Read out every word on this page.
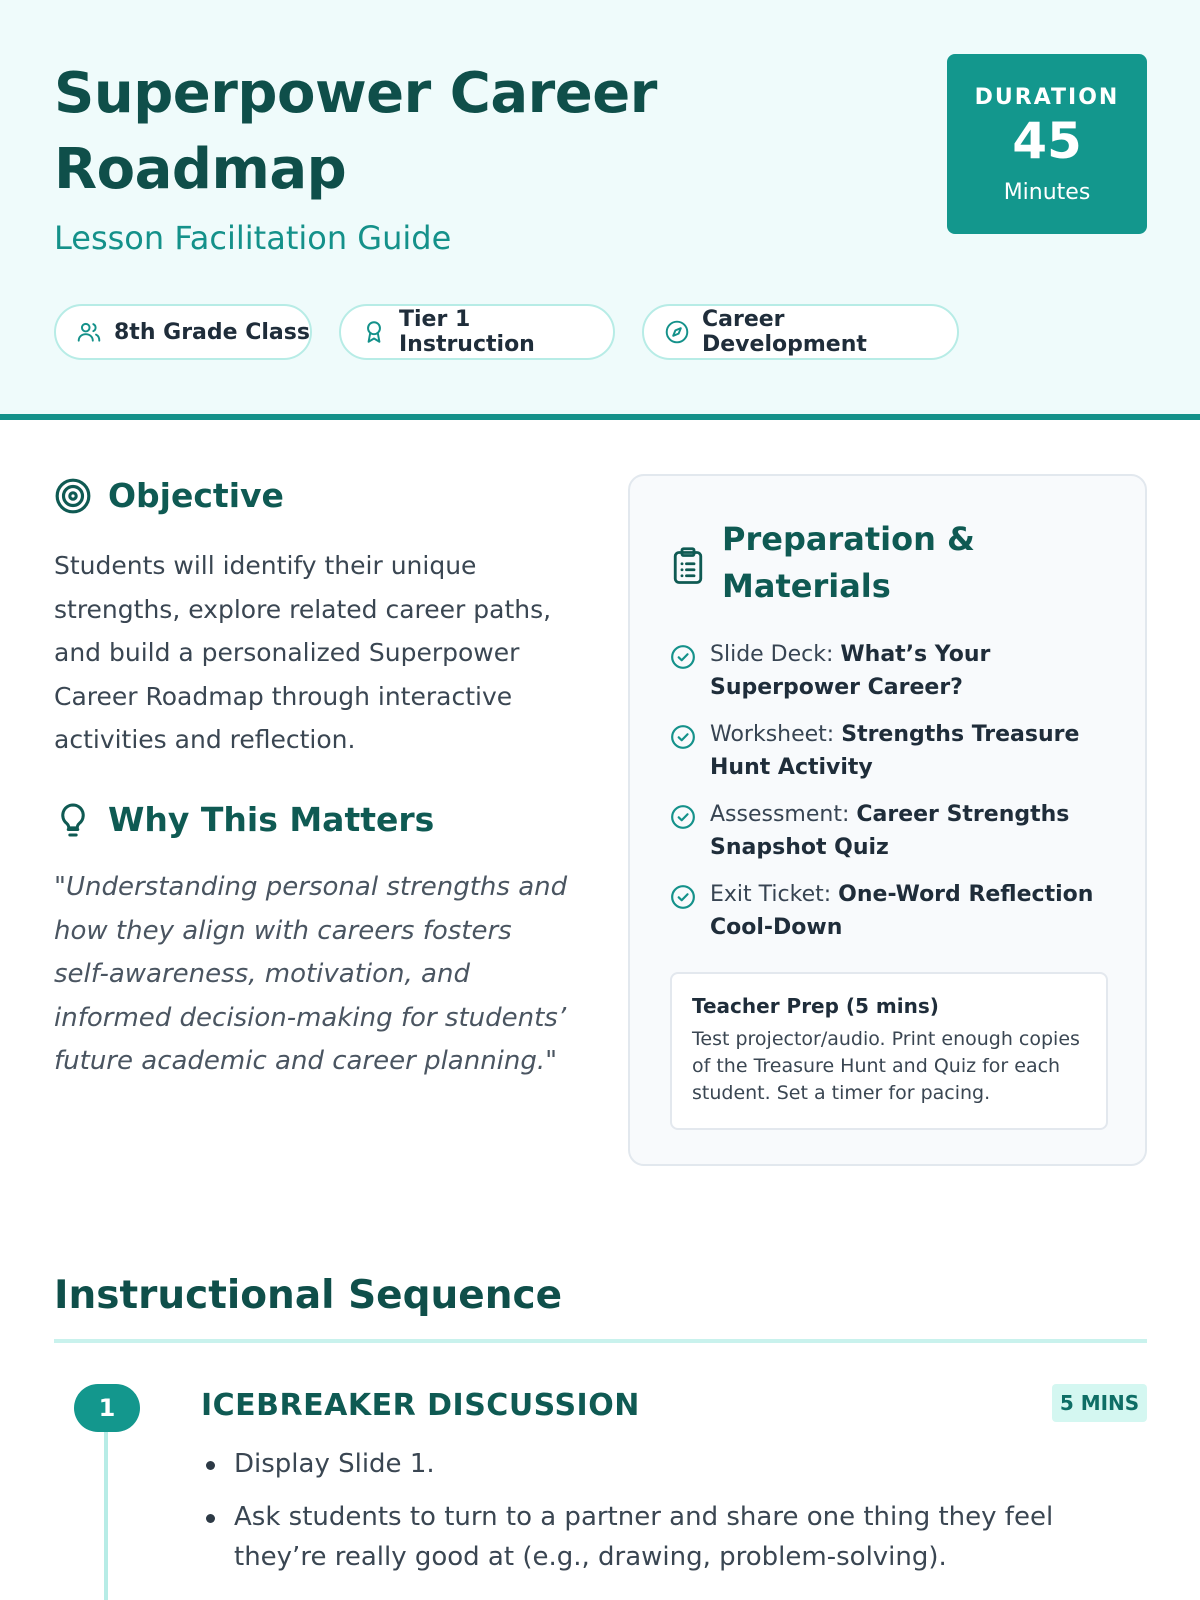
Superpower Career Roadmap
Lesson Facilitation Guide
DURATION
45
Minutes
8th Grade Class	Tier 1 Instruction
Career Development
Objective

Students will identify their unique strengths, explore related career paths, and build a personalized Superpower Career Roadmap through interactive activities and reflection.

Why This Matters

"Understanding personal strengths and how they align with careers fosters self-awareness, motivation, and informed decision-making for students’ future academic and career planning."

Preparation & Materials
Slide Deck: What’s Your Superpower Career?
Worksheet: Strengths Treasure Hunt Activity
Assessment: Career Strengths Snapshot Quiz
Exit Ticket: One-Word Reflection Cool-Down
Teacher Prep (5 mins)
Test projector/audio. Print enough copies of the Treasure Hunt and Quiz for each student. Set a timer for pacing.
Instructional Sequence
1	ICEBREAKER DISCUSSION	5 MINS
Display Slide 1.
Ask students to turn to a partner and share one thing they feel they’re really good at (e.g., drawing, problem-solving).
